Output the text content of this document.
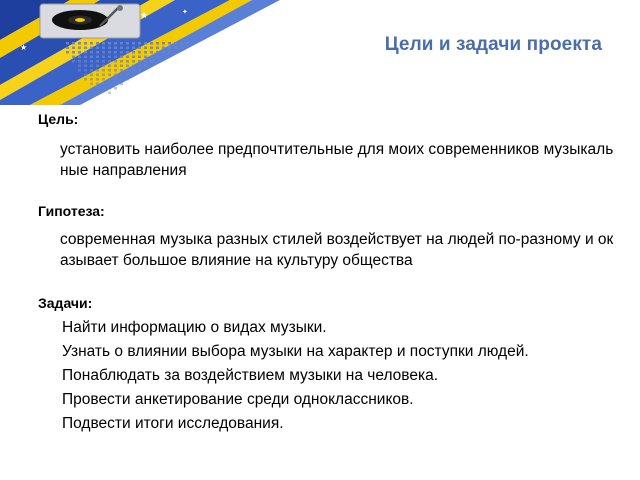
★
★
✦
Цели и задачи проекта

Цель:

установить наиболее предпочтительные для моих современников музыкальные направления

Гипотеза:

современная музыка разных стилей воздействует на людей по-разному и оказывает большое влияние на культуру общества

Задачи:

Найти информацию о видах музыки.
Узнать о влиянии выбора музыки на характер и поступки людей.
Понаблюдать за воздействием музыки на человека.
Провести анкетирование среди одноклассников.
Подвести итоги исследования.
